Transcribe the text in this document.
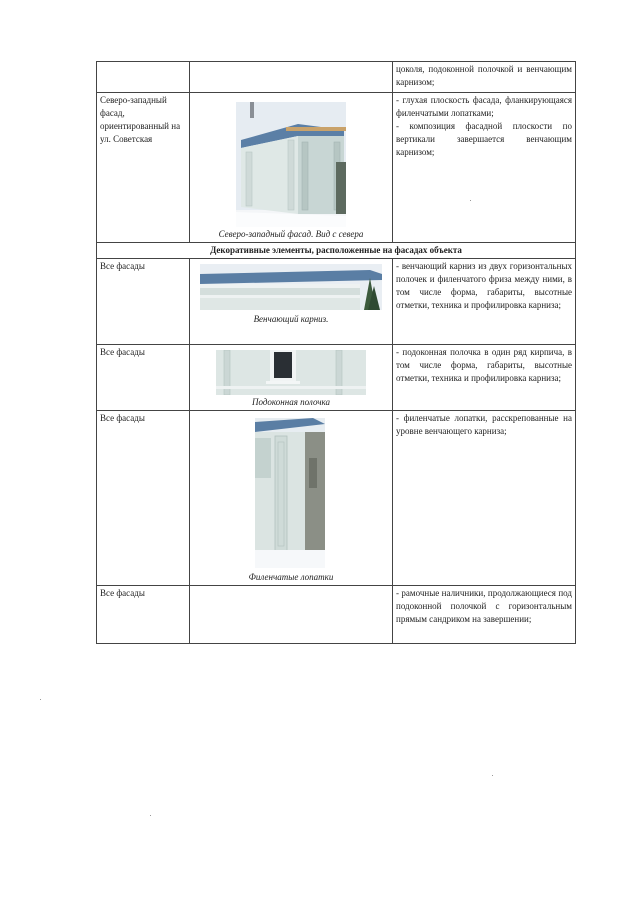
		цоколя, подоконной полочкой и венчающим карнизом;

Северо-западный фасад, ориентированный на ул. Советская	Северо-западный фасад. Вид с севера	- глухая плоскость фасада, фланкирующаяся филенчатыми лопатками;
- композиция фасадной плоскости по вертикали завершается венчающим карнизом;

Декоративные элементы, расположенные на фасадах объекта		
Все фасады	Венчающий карниз.	- венчающий карниз из двух горизонтальных полочек и филенчатого фриза между ними, в том числе форма, габариты, высотные отметки, техника и профилировка карниза;
Все фасады	Подоконная полочка	- подоконная полочка в один ряд кирпича, в том числе форма, габариты, высотные отметки, техника и профилировка карниза;
Все фасады	Филенчатые лопатки	- филенчатые лопатки, расскрепованные на уровне венчающего карниза;
Все фасады		- рамочные наличники, продолжающиеся под подоконной полочкой с горизонтальным прямым сандриком на завершении;
